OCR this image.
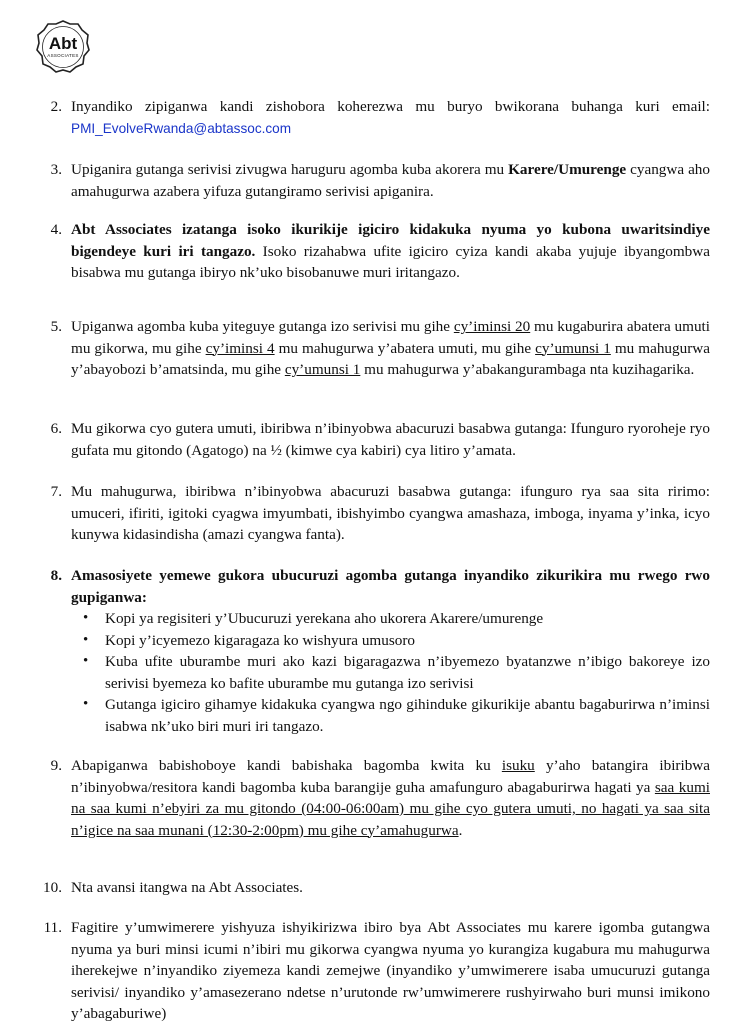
Abt
ASSOCIATES
2. Inyandiko zipiganwa kandi zishobora koherezwa mu buryo bwikorana buhanga kuri email: PMI_EvolveRwanda@abtassoc.com
3. Upiganira gutanga serivisi zivugwa haruguru agomba kuba akorera mu Karere/Umurenge cyangwa aho amahugurwa azabera yifuza gutangiramo serivisi apiganira.
4. Abt Associates izatanga isoko ikurikije igiciro kidakuka nyuma yo kubona uwaritsindiye bigendeye kuri iri tangazo. Isoko rizahabwa ufite igiciro cyiza kandi akaba yujuje ibyangombwa bisabwa mu gutanga ibiryo nk’uko bisobanuwe muri iritangazo.
5. Upiganwa agomba kuba yiteguye gutanga izo serivisi mu gihe cy’iminsi 20 mu kugaburira abatera umuti mu gikorwa, mu gihe cy’iminsi 4 mu mahugurwa y’abatera umuti, mu gihe cy’umunsi 1 mu mahugurwa y’abayobozi b’amatsinda, mu gihe cy’umunsi 1 mu mahugurwa y’abakangurambaga nta kuzihagarika.
6. Mu gikorwa cyo gutera umuti, ibiribwa n’ibinyobwa abacuruzi basabwa gutanga: Ifunguro ryoroheje ryo gufata mu gitondo (Agatogo) na ½ (kimwe cya kabiri) cya litiro y’amata.
7. Mu mahugurwa, ibiribwa n’ibinyobwa abacuruzi basabwa gutanga: ifunguro rya saa sita ririmo: umuceri, ifiriti, igitoki cyagwa imyumbati, ibishyimbo cyangwa amashaza, imboga, inyama y’inka, icyo kunywa kidasindisha (amazi cyangwa fanta).
8. Amasosiyete yemewe gukora ubucuruzi agomba gutanga inyandiko zikurikira mu rwego rwo gupiganwa:
• Kopi ya regisiteri y’Ubucuruzi yerekana aho ukorera Akarere/umurenge
• Kopi y’icyemezo kigaragaza ko wishyura umusoro
• Kuba ufite uburambe muri ako kazi bigaragazwa n’ibyemezo byatanzwe n’ibigo bakoreye izo serivisi byemeza ko bafite uburambe mu gutanga izo serivisi
• Gutanga igiciro gihamye kidakuka cyangwa ngo gihinduke gikurikije abantu bagaburirwa n’iminsi isabwa nk’uko biri muri iri tangazo.
9. Abapiganwa babishoboye kandi babishaka bagomba kwita ku isuku y’aho batangira ibiribwa n’ibinyobwa/resitora kandi bagomba kuba barangije guha amafunguro abagaburirwa hagati ya saa kumi na saa kumi n’ebyiri za mu gitondo (04:00-06:00am) mu gihe cyo gutera umuti, no hagati ya saa sita n’igice na saa munani (12:30-2:00pm) mu gihe cy’amahugurwa.
10. Nta avansi itangwa na Abt Associates.
11. Fagitire y’umwimerere yishyuza ishyikirizwa ibiro bya Abt Associates mu karere igomba gutangwa nyuma ya buri minsi icumi n’ibiri mu gikorwa cyangwa nyuma yo kurangiza kugabura mu mahugurwa iherekejwe n’inyandiko ziyemeza kandi zemejwe (inyandiko y’umwimerere isaba umucuruzi gutanga serivisi/ inyandiko y’amasezerano ndetse n’urutonde rw’umwimerere rushyirwaho buri munsi imikono y’abagaburiwe)
